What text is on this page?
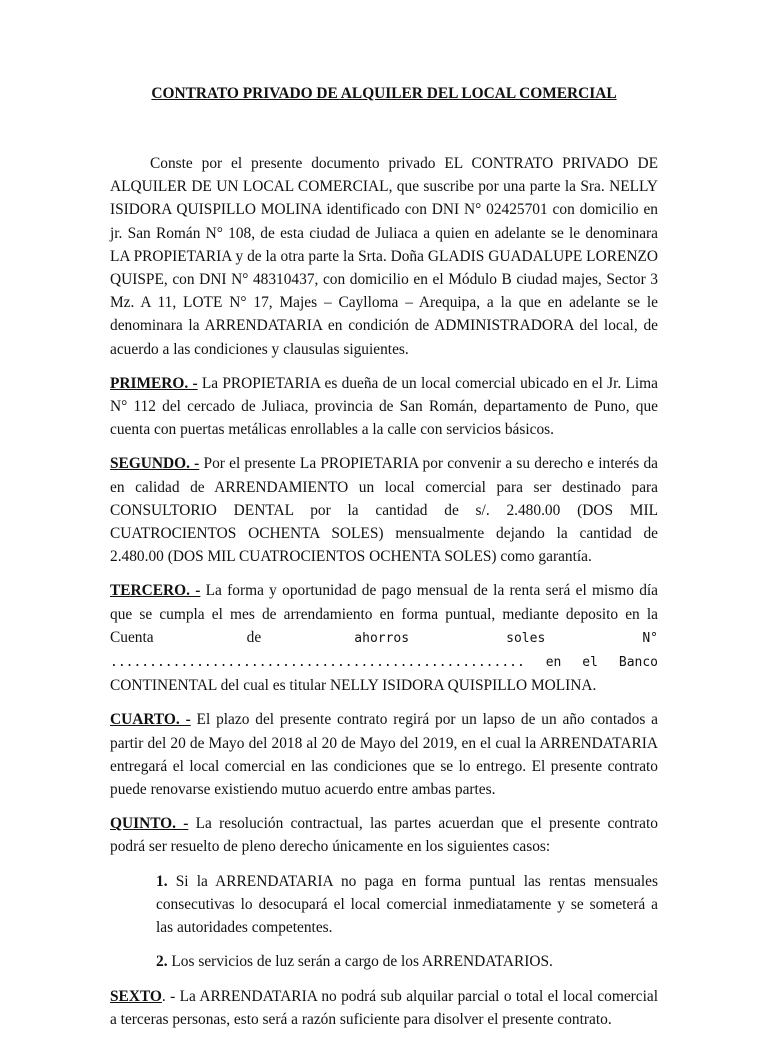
CONTRATO PRIVADO DE ALQUILER DEL LOCAL COMERCIAL

Conste por el presente documento privado EL CONTRATO PRIVADO DE ALQUILER DE UN LOCAL COMERCIAL, que suscribe por una parte la Sra. NELLY ISIDORA QUISPILLO MOLINA identificado con DNI N° 02425701 con domicilio en jr. San Román N° 108, de esta ciudad de Juliaca a quien en adelante se le denominara LA PROPIETARIA y de la otra parte la Srta. Doña GLADIS GUADALUPE LORENZO QUISPE, con DNI N° 48310437, con domicilio en el Módulo B ciudad majes, Sector 3 Mz. A 11, LOTE N° 17, Majes – Caylloma – Arequipa, a la que en adelante se le denominara la ARRENDATARIA en condición de ADMINISTRADORA del local, de acuerdo a las condiciones y clausulas siguientes.

PRIMERO. - La PROPIETARIA es dueña de un local comercial ubicado en el Jr. Lima N° 112 del cercado de Juliaca, provincia de San Román, departamento de Puno, que cuenta con puertas metálicas enrollables a la calle con servicios básicos.

SEGUNDO. - Por el presente La PROPIETARIA por convenir a su derecho e interés da en calidad de ARRENDAMIENTO un local comercial para ser destinado para CONSULTORIO DENTAL por la cantidad de s/. 2.480.00 (DOS MIL CUATROCIENTOS OCHENTA SOLES) mensualmente dejando la cantidad de 2.480.00 (DOS MIL CUATROCIENTOS OCHENTA SOLES) como garantía.

TERCERO. - La forma y oportunidad de pago mensual de la renta será el mismo día que se cumpla el mes de arrendamiento en forma puntual, mediante deposito en la Cuenta de ahorros soles N° ..................................................... en el Banco CONTINENTAL del cual es titular NELLY ISIDORA QUISPILLO MOLINA.

CUARTO. - El plazo del presente contrato regirá por un lapso de un año contados a partir del 20 de Mayo del 2018 al 20 de Mayo del 2019, en el cual la ARRENDATARIA entregará el local comercial en las condiciones que se lo entrego. El presente contrato puede renovarse existiendo mutuo acuerdo entre ambas partes.

QUINTO. - La resolución contractual, las partes acuerdan que el presente contrato podrá ser resuelto de pleno derecho únicamente en los siguientes casos:

1. Si la ARRENDATARIA no paga en forma puntual las rentas mensuales consecutivas lo desocupará el local comercial inmediatamente y se someterá a las autoridades competentes.

2. Los servicios de luz serán a cargo de los ARRENDATARIOS.

SEXTO. - La ARRENDATARIA no podrá sub alquilar parcial o total el local comercial a terceras personas, esto será a razón suficiente para disolver el presente contrato.
